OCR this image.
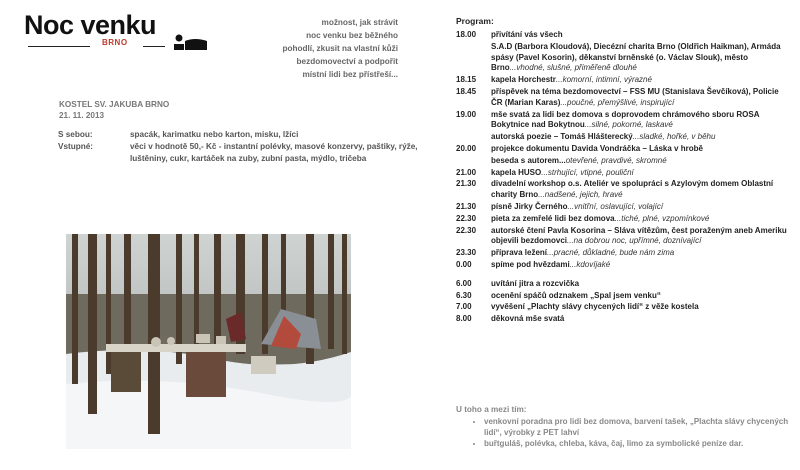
Noc venku
BRNO
možnost, jak strávit
noc venku bez běžného
pohodlí, zkusit na vlastní kůži
bezdomovectví a podpořit
místní lidi bez přístřeší...
KOSTEL SV. JAKUBA BRNO
21. 11. 2013
S sebou:	spacák, karimatku nebo karton, misku, lžíci
Vstupné:	věci v hodnotě 50,- Kč - instantní polévky, masové konzervy, paštiky, rýže, luštěniny, cukr, kartáček na zuby, zubní pasta, mýdlo, tričeba
Program:
18.00 přivítání vás všech
S.A.D (Barbora Kloudová), Diecézní charita Brno (Oldřich Haikman), Armáda spásy (Pavel Kosorin), děkanství brněnské (o. Václav Slouk), město Brno...vhodné, slušné, přiměřeně dlouhé
18.15 kapela Horchestr...komorní, intimní, výrazné
18.45 příspěvek na téma bezdomovectví – FSS MU (Stanislava Ševčíková), Policie ČR (Marian Karas)...poučné, přemýšlivé, inspirující
19.00 mše svatá za lidi bez domova s doprovodem chrámového sboru ROSA Bokytnice nad Bokytnou...silné, pokorné, laskavé
autorská poezie – Tomáš Hlášterecký...sladké, hořké, v běhu
20.00 projekce dokumentu Davida Vondráčka – Láska v hrobě
beseda s autorem...otevřené, pravdivé, skromné
21.00 kapela HUSO...strhující, vtipné, pouliční
21.30 divadelní workshop o.s. Ateliér ve spolupráci s Azylovým domem Oblastní charity Brno...nadšené, jejich, hravé
21.30 písně Jirky Černého...vnitřní, oslavující, volající
22.30 pieta za zemřelé lidi bez domova...tiché, plné, vzpomínkové
22.30 autorské čtení Pavla Kosorina – Sláva vítězům, čest poraženým aneb Ameriku objevili bezdomovci...na dobrou noc, upřímné, doznívající
23.30 příprava ležení...pracné, důkladné, bude nám zima
0.00 spíme pod hvězdami...kdovíjaké
6.00 uvítání jitra a rozcvička
6.30 ocenění spáčů odznakem „Spal jsem venku“
7.00 vyvěšení „Plachty slávy chycených lidí“ z věže kostela
8.00 děkovná mše svatá
U toho a mezi tím:
• venkovní poradna pro lidi bez domova, barvení tašek, „Plachta slávy chycených lidí“, výrobky z PET lahví
• buřtguláš, polévka, chleba, káva, čaj, limo za symbolické peníze dar.
